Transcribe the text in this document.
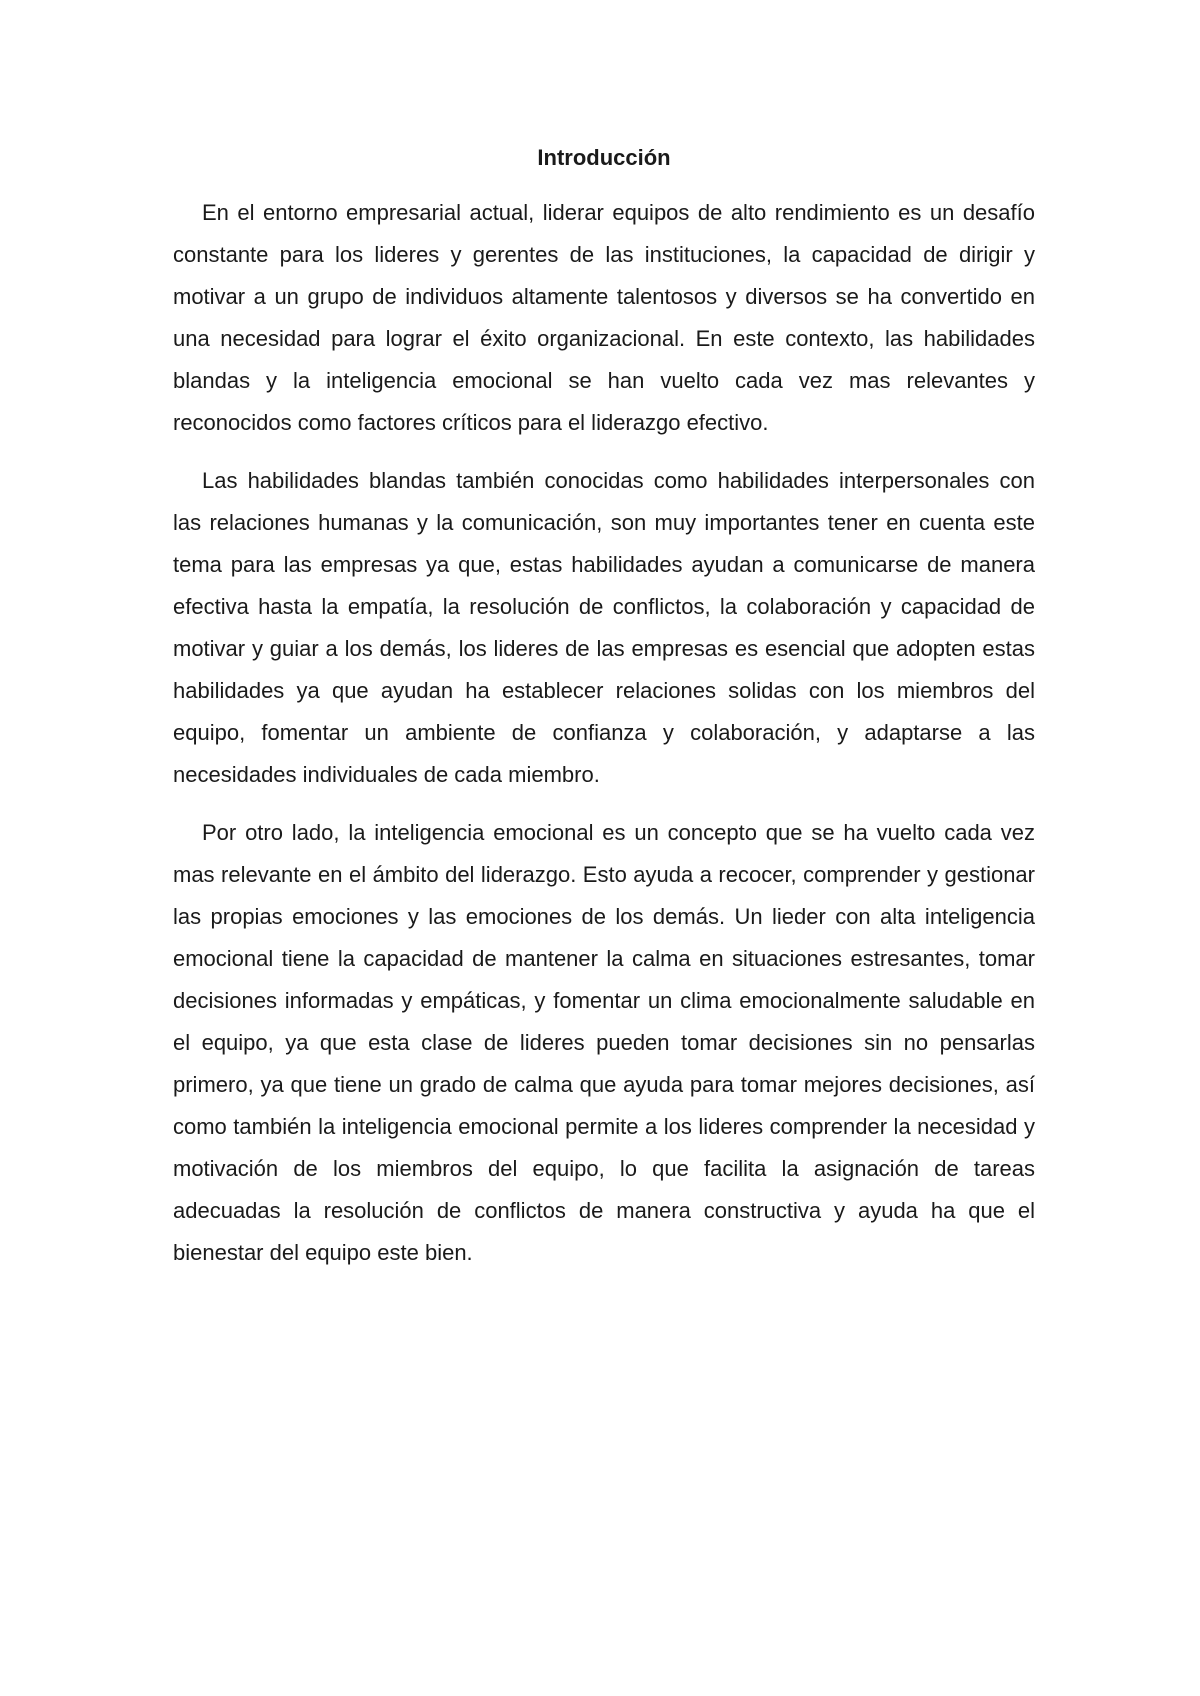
Introducción

En el entorno empresarial actual, liderar equipos de alto rendimiento es un desafío constante para los lideres y gerentes de las instituciones, la capacidad de dirigir y motivar a un grupo de individuos altamente talentosos y diversos se ha convertido en una necesidad para lograr el éxito organizacional. En este contexto, las habilidades blandas y la inteligencia emocional se han vuelto cada vez mas relevantes y reconocidos como factores críticos para el liderazgo efectivo.

Las habilidades blandas también conocidas como habilidades interpersonales con las relaciones humanas y la comunicación, son muy importantes tener en cuenta este tema para las empresas ya que, estas habilidades ayudan a comunicarse de manera efectiva hasta la empatía, la resolución de conflictos, la colaboración y capacidad de motivar y guiar a los demás, los lideres de las empresas es esencial que adopten estas habilidades ya que ayudan ha establecer relaciones solidas con los miembros del equipo, fomentar un ambiente de confianza y colaboración, y adaptarse a las necesidades individuales de cada miembro.

Por otro lado, la inteligencia emocional es un concepto que se ha vuelto cada vez mas relevante en el ámbito del liderazgo. Esto ayuda a recocer, comprender y gestionar las propias emociones y las emociones de los demás. Un lieder con alta inteligencia emocional tiene la capacidad de mantener la calma en situaciones estresantes, tomar decisiones informadas y empáticas, y fomentar un clima emocionalmente saludable en el equipo, ya que esta clase de lideres pueden tomar decisiones sin no pensarlas primero, ya que tiene un grado de calma que ayuda para tomar mejores decisiones, así como también la inteligencia emocional permite a los lideres comprender la necesidad y motivación de los miembros del equipo, lo que facilita la asignación de tareas adecuadas la resolución de conflictos de manera constructiva y ayuda ha que el bienestar del equipo este bien.
